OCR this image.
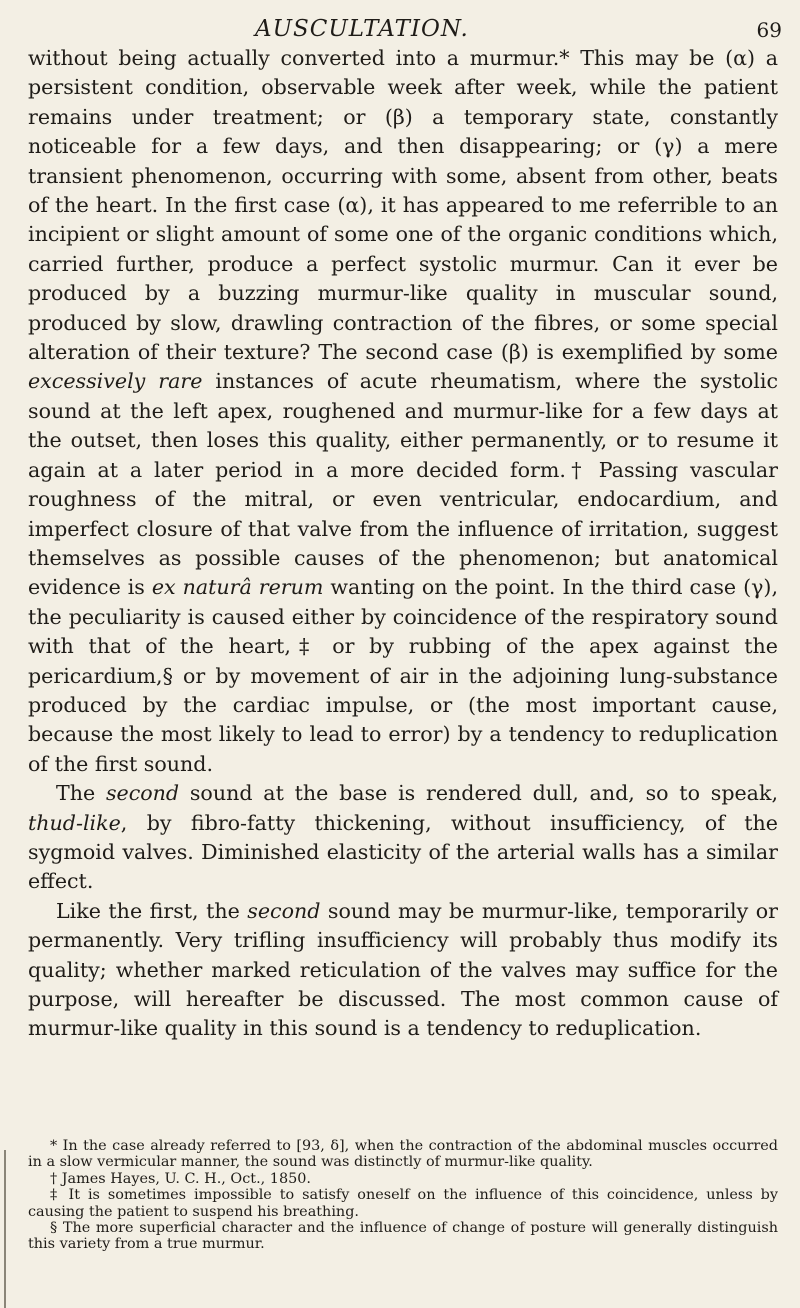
AUSCULTATION.	69

without being actually converted into a murmur.* This may be (α) a persistent condition, observable week after week, while the patient remains under treatment; or (β) a temporary state, constantly noticeable for a few days, and then disappearing; or (γ) a mere transient phenomenon, occurring with some, absent from other, beats of the heart. In the first case (α), it has appeared to me referrible to an incipient or slight amount of some one of the organic conditions which, carried further, produce a perfect systolic murmur. Can it ever be produced by a buzzing murmur-like quality in muscular sound, produced by slow, drawling contraction of the fibres, or some special alteration of their texture? The second case (β) is exemplified by some excessively rare instances of acute rheumatism, where the systolic sound at the left apex, roughened and murmur-like for a few days at the outset, then loses this quality, either permanently, or to resume it again at a later period in a more decided form.† Passing vascular roughness of the mitral, or even ventricular, endocardium, and imperfect closure of that valve from the influence of irritation, suggest themselves as possible causes of the phenomenon; but anatomical evidence is ex naturâ rerum wanting on the point. In the third case (γ), the peculiarity is caused either by coincidence of the respiratory sound with that of the heart,‡ or by rubbing of the apex against the pericardium,§ or by movement of air in the adjoining lung-substance produced by the cardiac impulse, or (the most important cause, because the most likely to lead to error) by a tendency to reduplication of the first sound.

The second sound at the base is rendered dull, and, so to speak, thud-like, by fibro-fatty thickening, without insufficiency, of the sygmoid valves. Diminished elasticity of the arterial walls has a similar effect.

Like the first, the second sound may be murmur-like, temporarily or permanently. Very trifling insufficiency will probably thus modify its quality; whether marked reticulation of the valves may suffice for the purpose, will hereafter be discussed. The most common cause of murmur-like quality in this sound is a tendency to reduplication.

* In the case already referred to [93, δ], when the contraction of the abdominal muscles occurred in a slow vermicular manner, the sound was distinctly of murmur-like quality.

† James Hayes, U. C. H., Oct., 1850.

‡ It is sometimes impossible to satisfy oneself on the influence of this coincidence, unless by causing the patient to suspend his breathing.

§ The more superficial character and the influence of change of posture will generally distinguish this variety from a true murmur.
